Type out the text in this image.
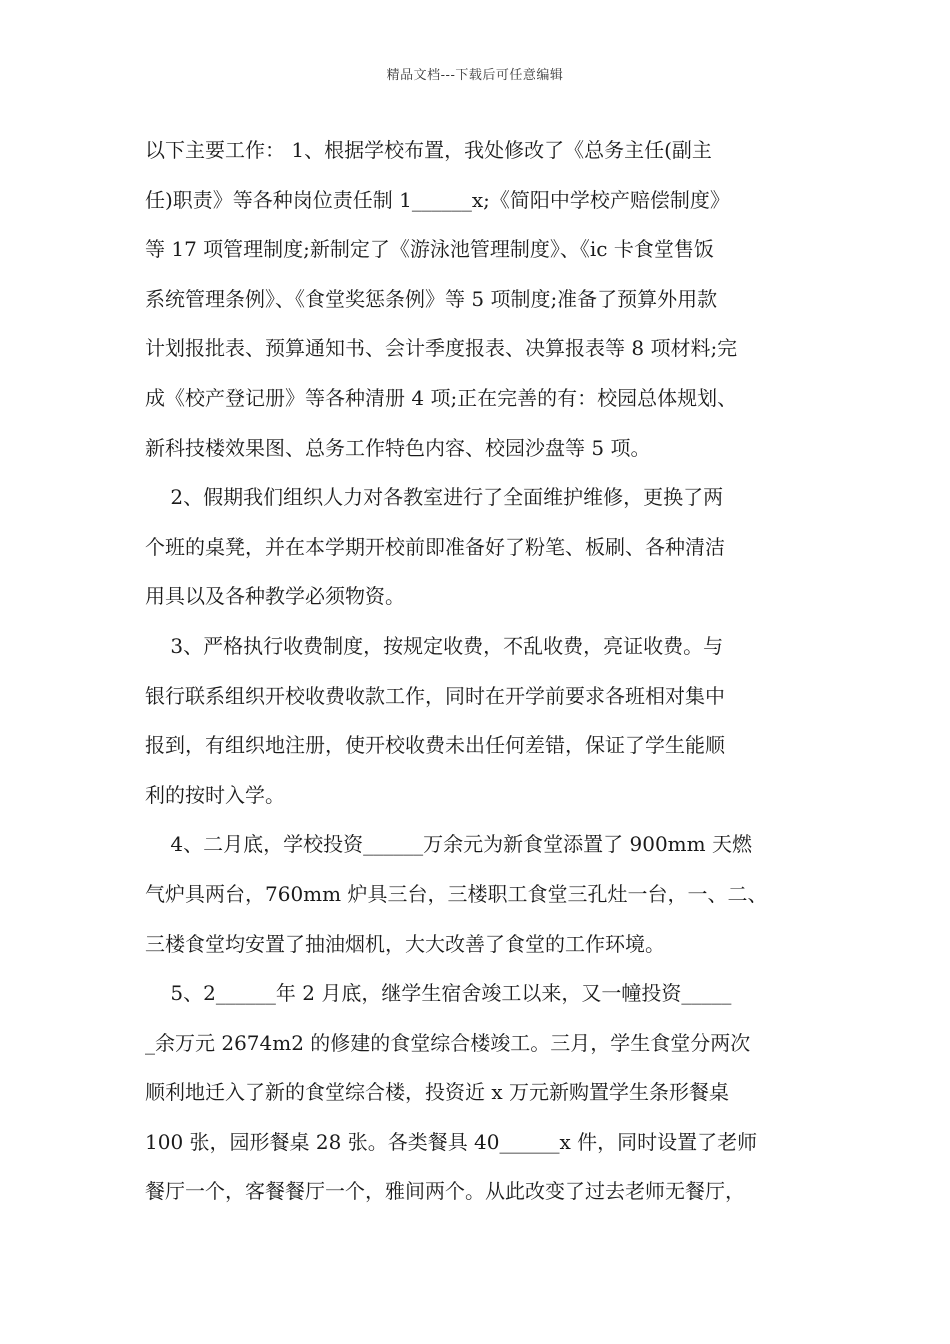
精品文档---下载后可任意编辑
以下主要工作： 1、根据学校布置，我处修改了《总务主任(副主
任)职责》等各种岗位责任制 1______x;《简阳中学校产赔偿制度》
等 17 项管理制度;新制定了《游泳池管理制度》、《ic 卡食堂售饭
系统管理条例》、《食堂奖惩条例》等 5 项制度;准备了预算外用款
计划报批表、预算通知书、会计季度报表、决算报表等 8 项材料;完
成《校产登记册》等各种清册 4 项;正在完善的有：校园总体规划、
新科技楼效果图、总务工作特色内容、校园沙盘等 5 项。
2、假期我们组织人力对各教室进行了全面维护维修，更换了两
个班的桌凳，并在本学期开校前即准备好了粉笔、板刷、各种清洁
用具以及各种教学必须物资。
3、严格执行收费制度，按规定收费，不乱收费，亮证收费。与
银行联系组织开校收费收款工作，同时在开学前要求各班相对集中
报到，有组织地注册，使开校收费未出任何差错，保证了学生能顺
利的按时入学。
4、二月底，学校投资______万余元为新食堂添置了 900mm 天燃
气炉具两台，760mm 炉具三台，三楼职工食堂三孔灶一台，一、二、
三楼食堂均安置了抽油烟机，大大改善了食堂的工作环境。
5、2______年 2 月底，继学生宿舍竣工以来，又一幢投资_____
_余万元 2674m2 的修建的食堂综合楼竣工。三月，学生食堂分两次
顺利地迁入了新的食堂综合楼，投资近 x 万元新购置学生条形餐桌
100 张，园形餐桌 28 张。各类餐具 40______x 件，同时设置了老师
餐厅一个，客餐餐厅一个，雅间两个。从此改变了过去老师无餐厅，
